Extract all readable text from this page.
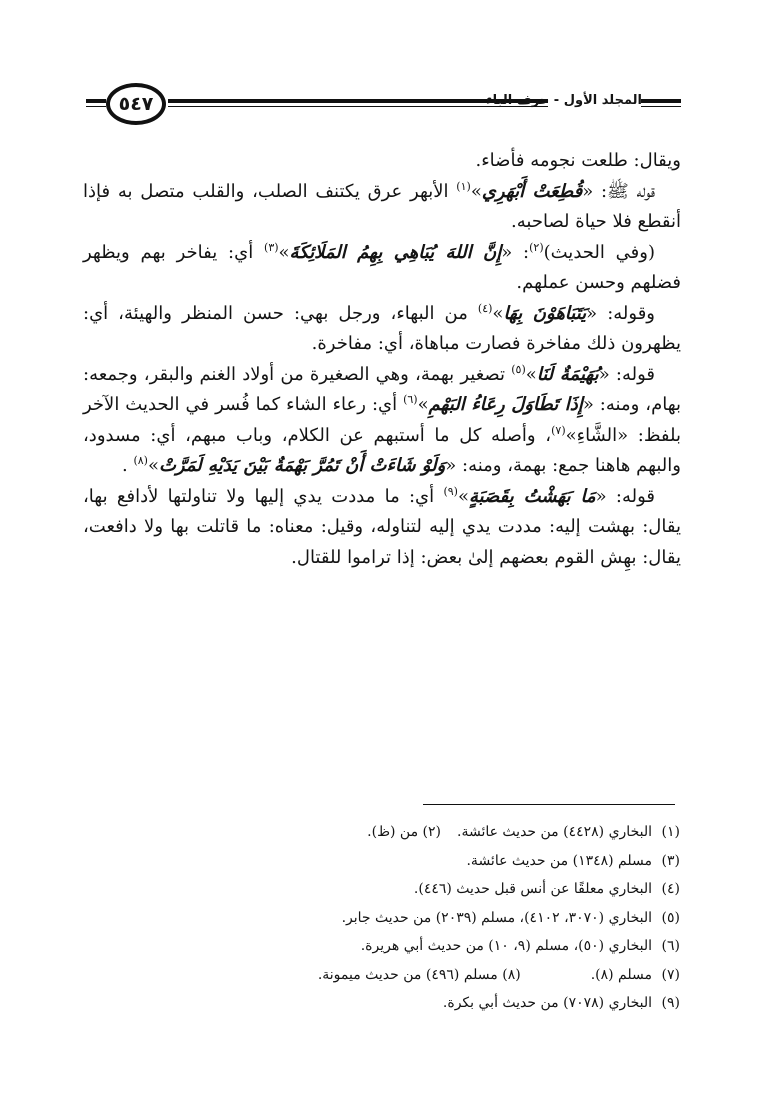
٥٤٧	المجلد الأول - حرف الباء

ويقال: طلعت نجومه فأضاء.

قوله ﷺ: «قُطِعَتْ أَبْهَرِي»$^{(١)}$ الأبهر عرق يكتنف الصلب، والقلب متصل به فإذا أنقطع فلا حياة لصاحبه.

(وفي الحديث)$^{(٢)}$: «إِنَّ اللهَ يُبَاهِي بِهِمُ المَلَائِكَةَ»$^{(٣)}$ أي: يفاخر بهم ويظهر فضلهم وحسن عملهم.

وقوله: «يَتَبَاهَوْنَ بِهَا»$^{(٤)}$ من البهاء، ورجل بهي: حسن المنظر والهيئة، أي: يظهرون ذلك مفاخرة فصارت مباهاة، أي: مفاخرة.

قوله: «بُهَيْمَةٌ لَنَا»$^{(٥)}$ تصغير بهمة، وهي الصغيرة من أولاد الغنم والبقر، وجمعه: بهام، ومنه: «إِذَا تَطَاوَلَ رِعَاءُ البَهْمِ»$^{(٦)}$ أي: رعاء الشاء كما فُسر في الحديث الآخر بلفظ: «الشَّاءِ»$^{(٧)}$، وأصله كل ما أستبهم عن الكلام، وباب مبهم، أي: مسدود، والبهم هاهنا جمع: بهمة، ومنه: «وَلَوْ شَاءَتْ أَنْ تَمُرَّ بَهْمَةٌ بَيْنَ يَدَيْهِ لَمَرَّتْ»$^{(٨)}$ .

قوله: «مَا بَهَشْتُ بِقَصَبَةٍ»$^{(٩)}$ أي: ما مددت يدي إليها ولا تناولتها لأدافع بها، يقال: بهشت إليه: مددت يدي إليه لتناوله، وقيل: معناه: ما قاتلت بها ولا دافعت، يقال: بهِش القوم بعضهم إلىٰ بعض: إذا تراموا للقتال.

(١)
البخاري (٤٤٢٨) من حديث عائشة.(٢) من (ظ).
(٣)
مسلم (١٣٤٨) من حديث عائشة.
(٤)
البخاري معلقًا عن أنس قبل حديث (٤٤٦).
(٥)
البخاري (٣٠٧٠، ٤١٠٢)، مسلم (٢٠٣٩) من حديث جابر.
(٦)
البخاري (٥٠)، مسلم (٩، ١٠) من حديث أبي هريرة.
(٧)
مسلم (٨).(٨) مسلم (٤٩٦) من حديث ميمونة.
(٩)
البخاري (٧٠٧٨) من حديث أبي بكرة.
